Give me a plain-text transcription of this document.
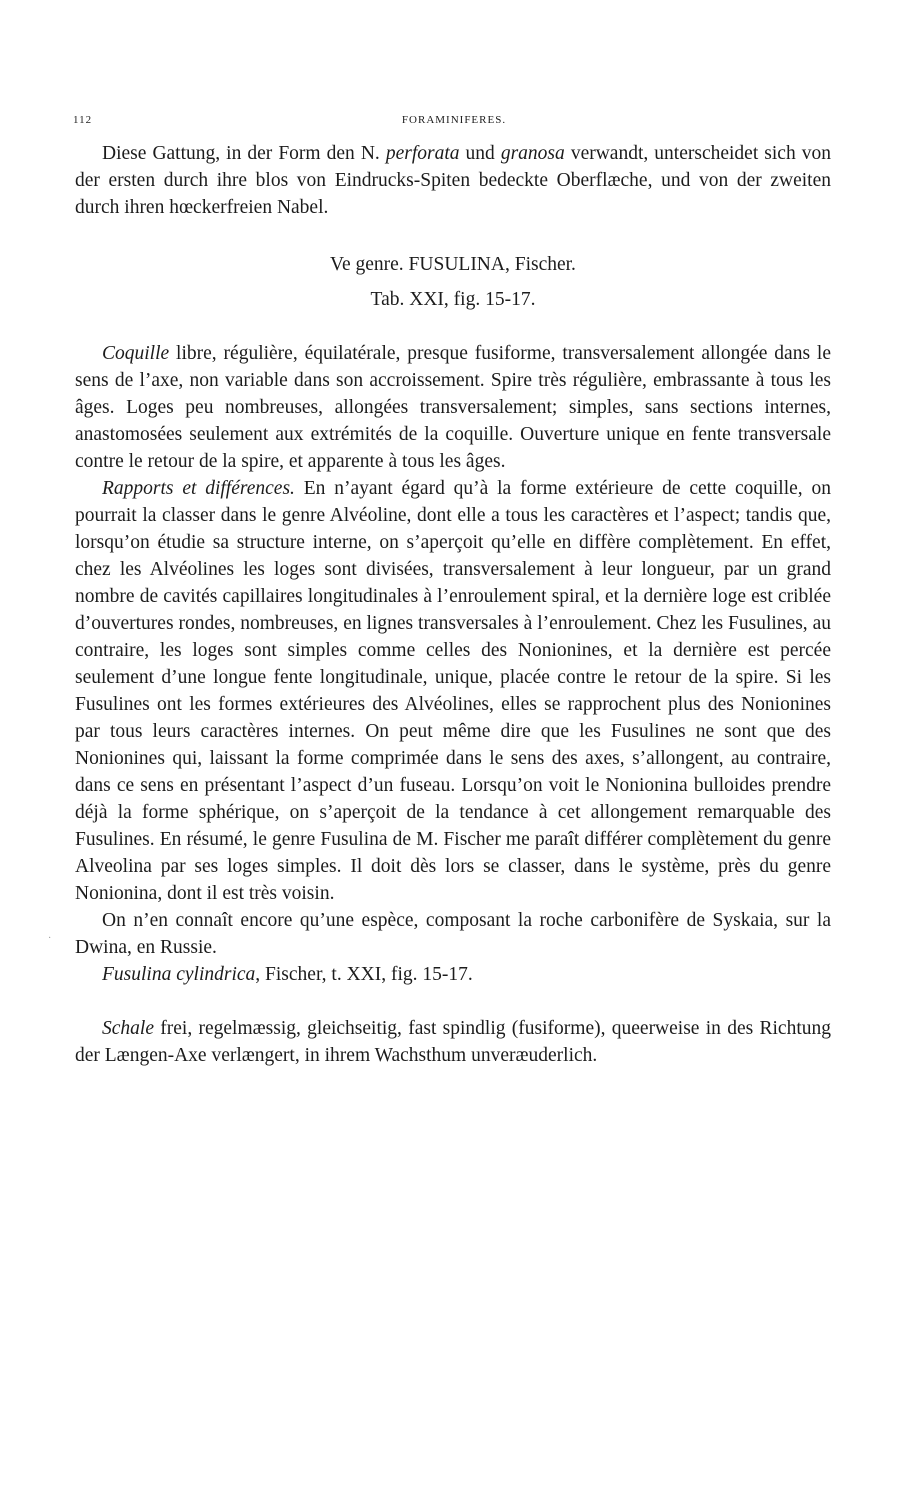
112	FORAMINIFERES.
·

Diese Gattung, in der Form den N. perforata und granosa verwandt, unterscheidet sich von der ersten durch ihre blos von Eindrucks-Spiten bedeckte Oberflæche, und von der zweiten durch ihren hœckerfreien Nabel.

Ve genre. FUSULINA, Fischer.

Tab. XXI, fig. 15-17.

Coquille libre, régulière, équilatérale, presque fusiforme, transversalement allongée dans le sens de l’axe, non variable dans son accroissement. Spire très régulière, embrassante à tous les âges. Loges peu nombreuses, allongées transversalement; simples, sans sections internes, anastomosées seulement aux extrémités de la coquille. Ouverture unique en fente transversale contre le retour de la spire, et apparente à tous les âges.

Rapports et différences. En n’ayant égard qu’à la forme extérieure de cette coquille, on pourrait la classer dans le genre Alvéoline, dont elle a tous les caractères et l’aspect; tandis que, lorsqu’on étudie sa structure interne, on s’aperçoit qu’elle en diffère complètement. En effet, chez les Alvéolines les loges sont divisées, transversalement à leur longueur, par un grand nombre de cavités capillaires longitudinales à l’enroulement spiral, et la dernière loge est criblée d’ouvertures rondes, nombreuses, en lignes transversales à l’enroulement. Chez les Fusulines, au contraire, les loges sont simples comme celles des Nonionines, et la dernière est percée seulement d’une longue fente longitudinale, unique, placée contre le retour de la spire. Si les Fusulines ont les formes extérieures des Alvéolines, elles se rapprochent plus des Nonionines par tous leurs caractères internes. On peut même dire que les Fusulines ne sont que des Nonionines qui, laissant la forme comprimée dans le sens des axes, s’allongent, au contraire, dans ce sens en présentant l’aspect d’un fuseau. Lorsqu’on voit le Nonionina bulloides prendre déjà la forme sphérique, on s’aperçoit de la tendance à cet allongement remarquable des Fusulines. En résumé, le genre Fusulina de M. Fischer me paraît différer complètement du genre Alveolina par ses loges simples. Il doit dès lors se classer, dans le système, près du genre Nonionina, dont il est très voisin.

On n’en connaît encore qu’une espèce, composant la roche carbonifère de Syskaia, sur la Dwina, en Russie.

Fusulina cylindrica, Fischer, t. XXI, fig. 15-17.

Schale frei, regelmæssig, gleichseitig, fast spindlig (fusiforme), queerweise in des Richtung der Længen-Axe verlængert, in ihrem Wachsthum unveræuderlich.
